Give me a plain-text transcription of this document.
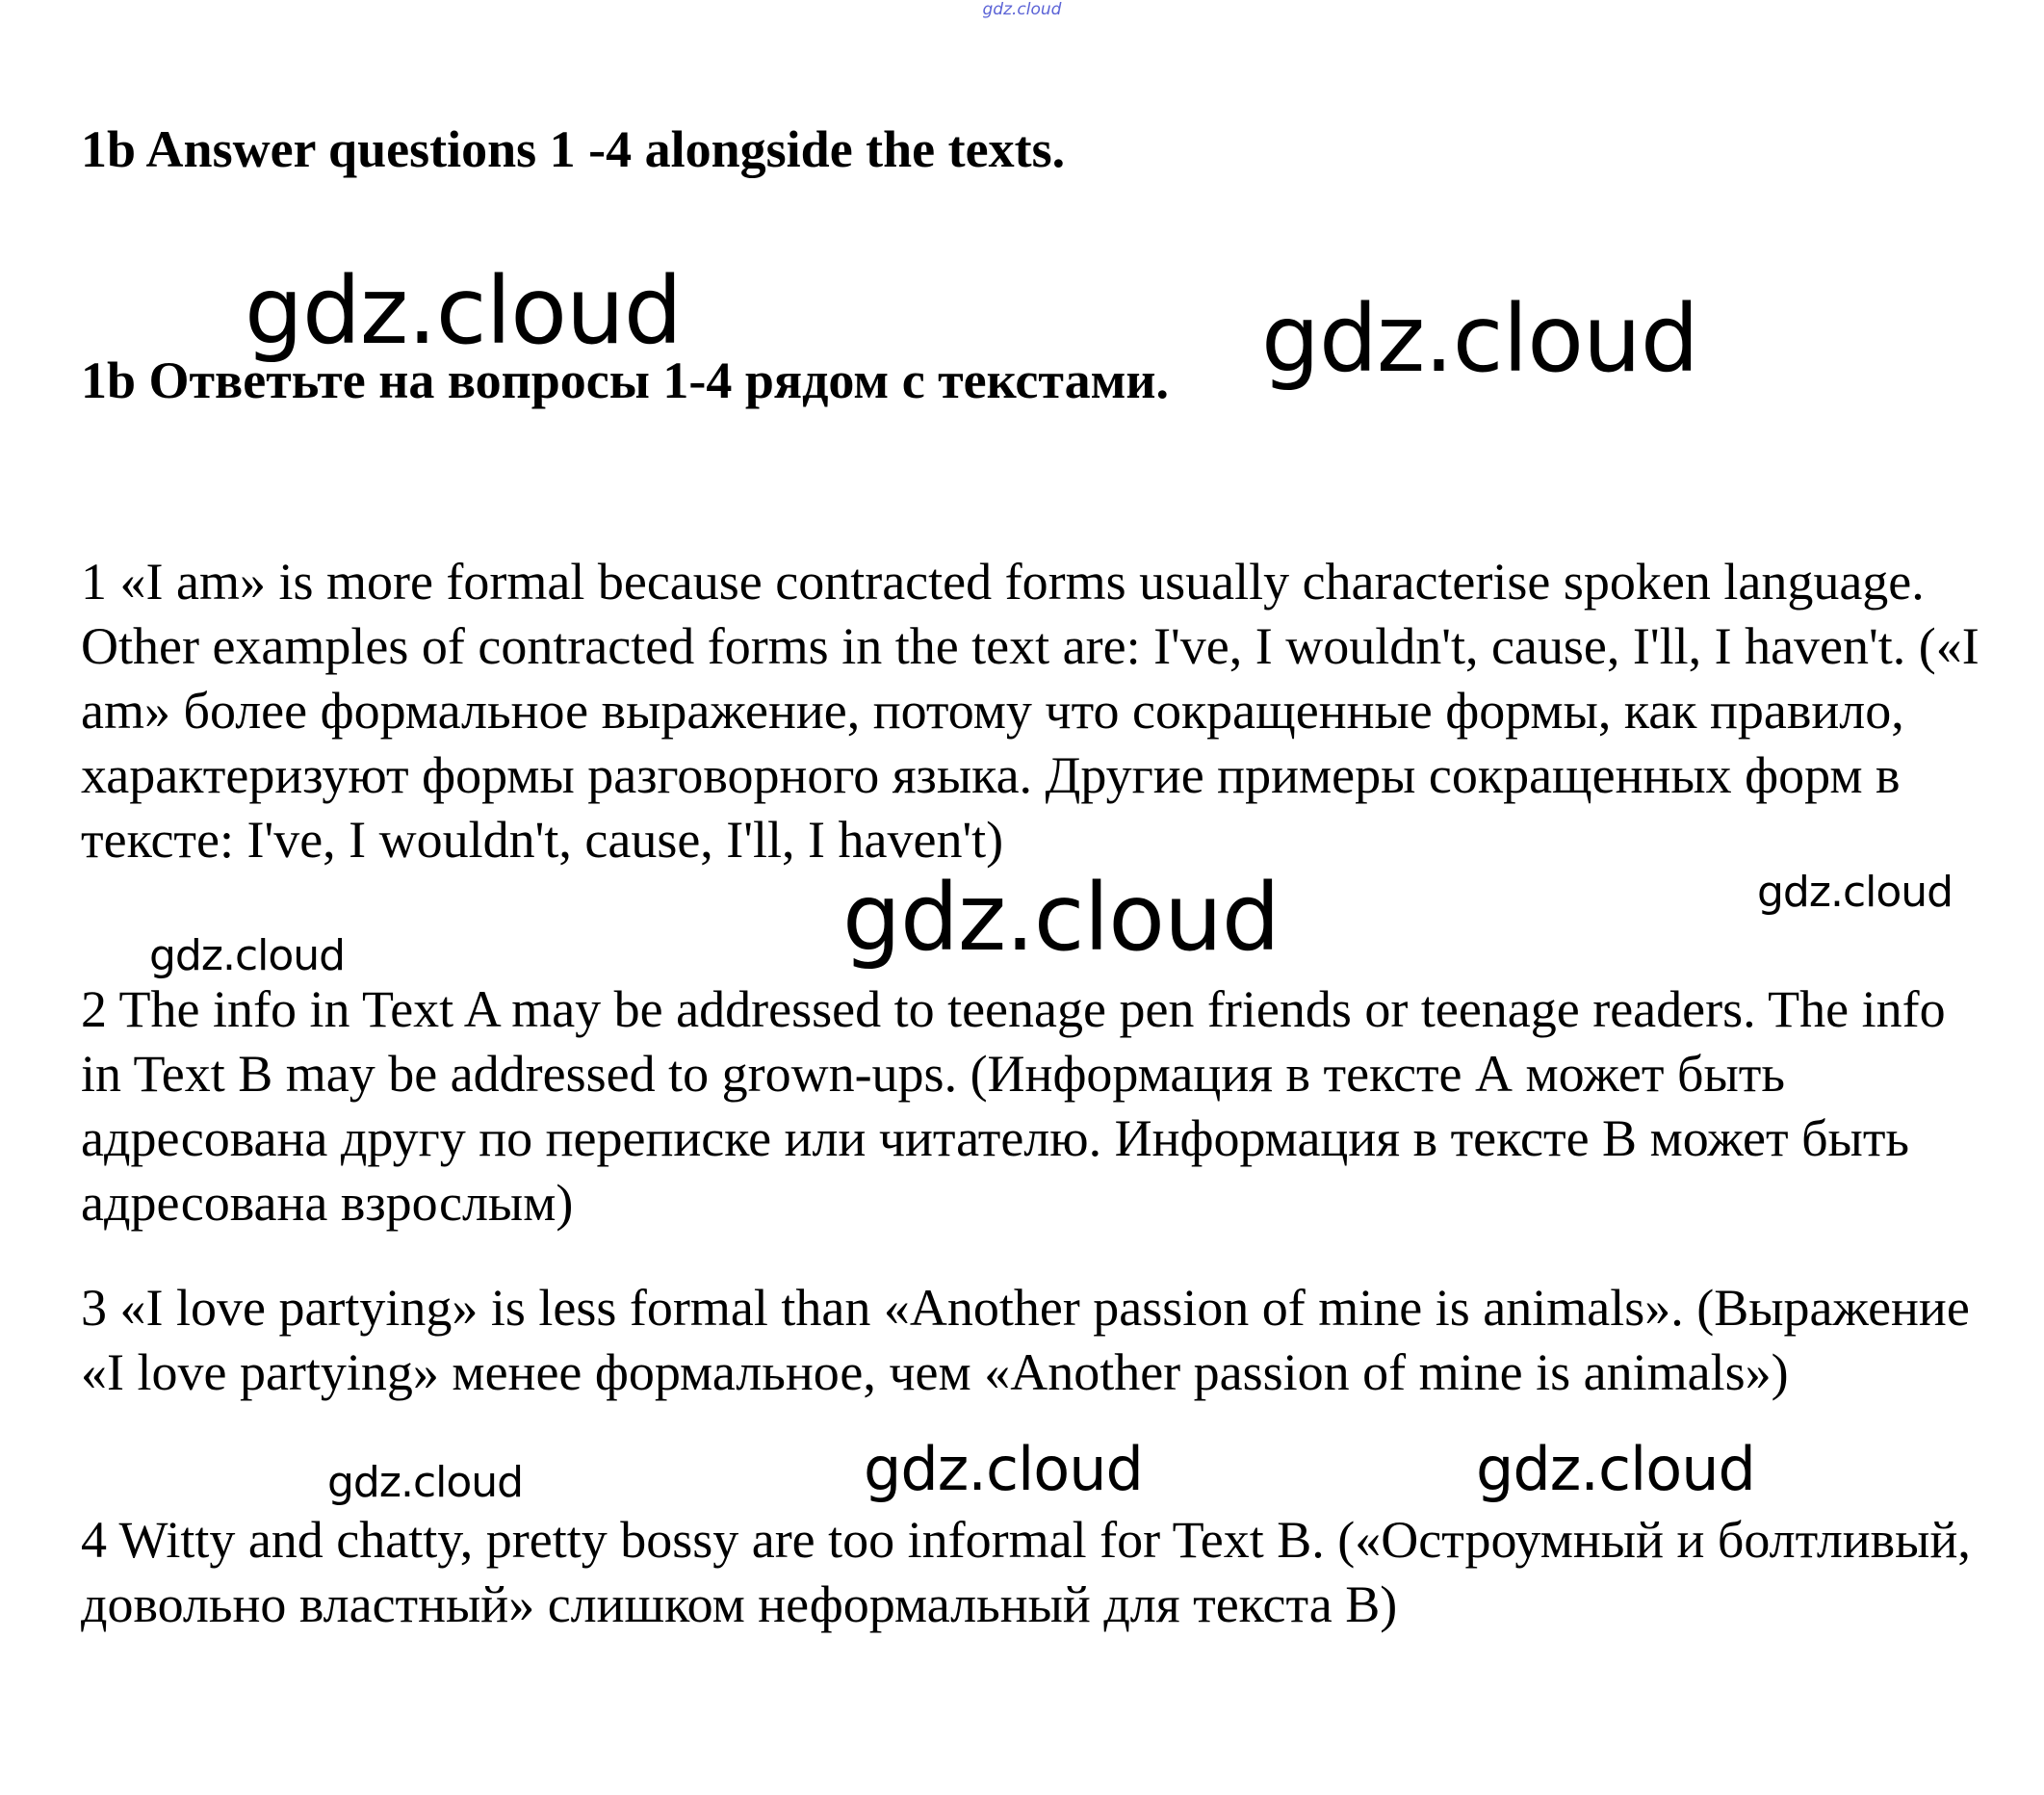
gdz.cloud
1b Answer questions 1 -4 alongside the texts.
1b Ответьте на вопросы 1-4 рядом с текстами.
1 «I am» is more formal because contracted forms usually characterise spoken language. Other examples of contracted forms in the text are: I've, I wouldn't, cause, I'll, I haven't. («I am» более формальное выражение, потому что сокращенные формы, как правило, характеризуют формы разговорного языка. Другие примеры сокращенных форм в тексте: I've, I wouldn't, cause, I'll, I haven't)
2 The info in Text A may be addressed to teenage pen friends or teenage readers. The info in Text B may be addressed to grown-ups. (Информация в тексте А может быть адресована другу по переписке или читателю. Информация в тексте В может быть адресована взрослым)
3 «I love partying» is less formal than «Another passion of mine is animals». (Выражение «I love partying» менее формальное, чем «Another passion of mine is animals»)
4 Witty and chatty, pretty bossy are too informal for Text B. («Остроумный и болтливый, довольно властный» слишком неформальный для текста В)
gdz.cloud	gdz.cloud
gdz.cloud	gdz.cloud
gdz.cloud
gdz.cloud	gdz.cloud	gdz.cloud
